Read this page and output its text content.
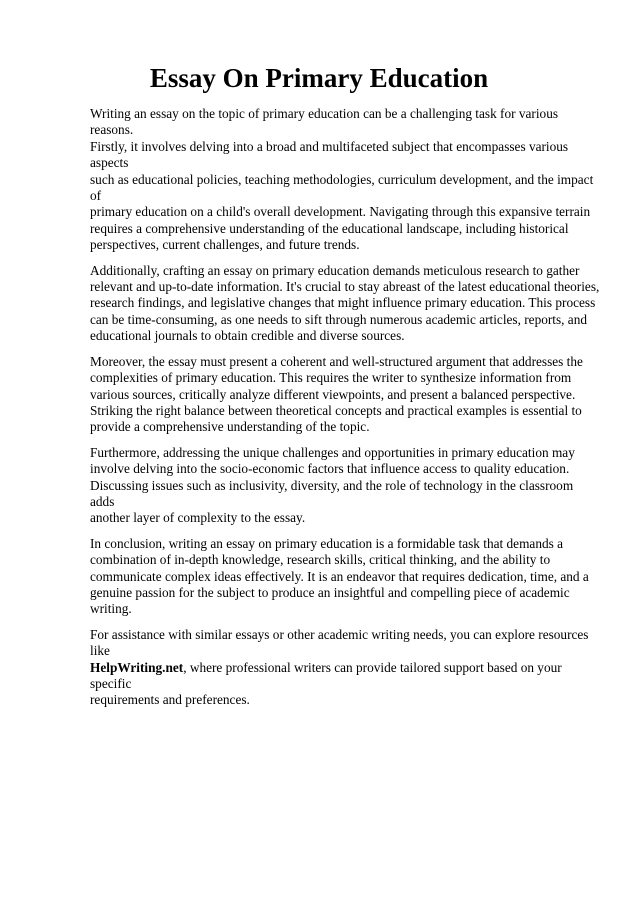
Essay On Primary Education

Writing an essay on the topic of primary education can be a challenging task for various reasons.
Firstly, it involves delving into a broad and multifaceted subject that encompasses various aspects
such as educational policies, teaching methodologies, curriculum development, and the impact of
primary education on a child's overall development. Navigating through this expansive terrain
requires a comprehensive understanding of the educational landscape, including historical
perspectives, current challenges, and future trends.

Additionally, crafting an essay on primary education demands meticulous research to gather
relevant and up-to-date information. It's crucial to stay abreast of the latest educational theories,
research findings, and legislative changes that might influence primary education. This process
can be time-consuming, as one needs to sift through numerous academic articles, reports, and
educational journals to obtain credible and diverse sources.

Moreover, the essay must present a coherent and well-structured argument that addresses the
complexities of primary education. This requires the writer to synthesize information from
various sources, critically analyze different viewpoints, and present a balanced perspective.
Striking the right balance between theoretical concepts and practical examples is essential to
provide a comprehensive understanding of the topic.

Furthermore, addressing the unique challenges and opportunities in primary education may
involve delving into the socio-economic factors that influence access to quality education.
Discussing issues such as inclusivity, diversity, and the role of technology in the classroom adds
another layer of complexity to the essay.

In conclusion, writing an essay on primary education is a formidable task that demands a
combination of in-depth knowledge, research skills, critical thinking, and the ability to
communicate complex ideas effectively. It is an endeavor that requires dedication, time, and a
genuine passion for the subject to produce an insightful and compelling piece of academic
writing.

For assistance with similar essays or other academic writing needs, you can explore resources like
HelpWriting.net, where professional writers can provide tailored support based on your specific
requirements and preferences.
